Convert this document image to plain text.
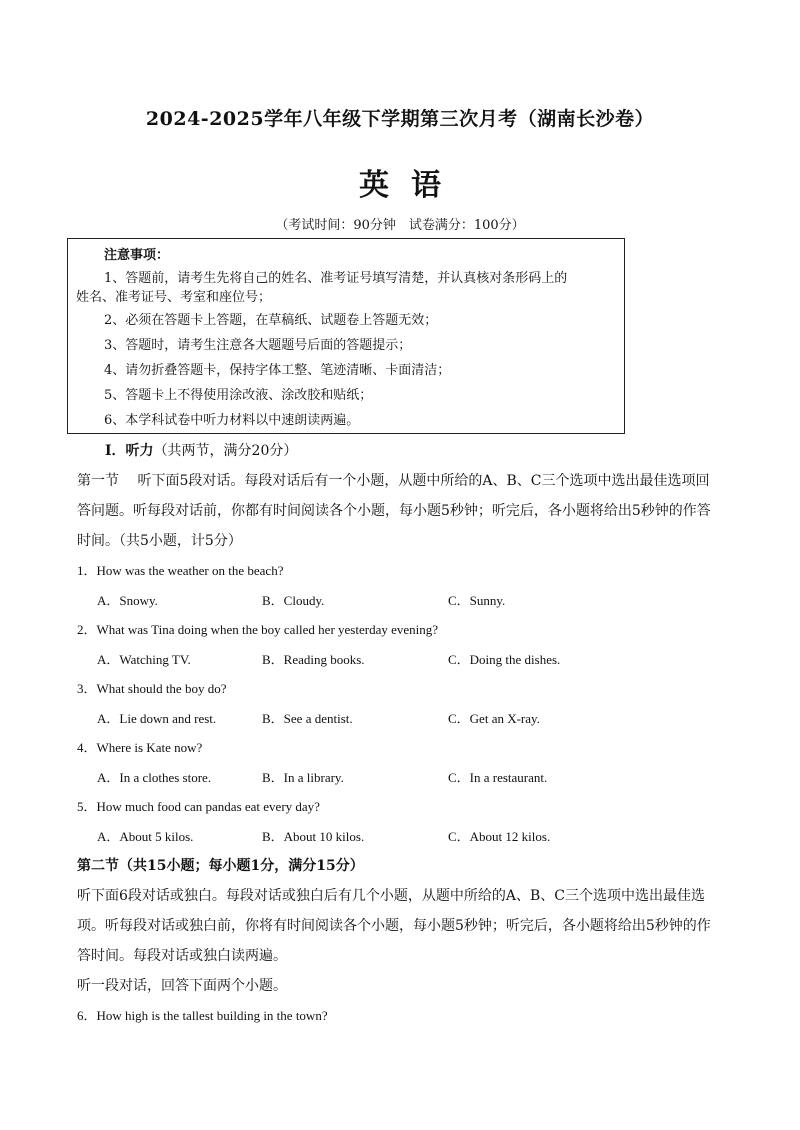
2024-2025学年八年级下学期第三次月考（湖南长沙卷）
英语
（考试时间：90分钟　试卷满分：100分）
注意事项：
1、答题前，请考生先将自己的姓名、准考证号填写清楚，并认真核对条形码上的
姓名、准考证号、考室和座位号；
2、必须在答题卡上答题，在草稿纸、试题卷上答题无效；
3、答题时，请考生注意各大题题号后面的答题提示；
4、请勿折叠答题卡，保持字体工整、笔迹清晰、卡面清洁；
5、答题卡上不得使用涂改液、涂改胶和贴纸；
6、本学科试卷中听力材料以中速朗读两遍。
I．听力（共两节，满分20分）
第一节　 听下面5段对话。每段对话后有一个小题，从题中所给的A、B、C三个选项中选出最佳选项回
答问题。听每段对话前，你都有时间阅读各个小题，每小题5秒钟；听完后，各小题将给出5秒钟的作答
时间。（共5小题，计5分）
1．How was the weather on the beach?
A．Snowy.	B．Cloudy.	C．Sunny.
2．What was Tina doing when the boy called her yesterday evening?
A．Watching TV.	B．Reading books.	C．Doing the dishes.
3．What should the boy do?
A．Lie down and rest.	B．See a dentist.	C．Get an X-ray.
4．Where is Kate now?
A．In a clothes store.	B．In a library.	C．In a restaurant.
5．How much food can pandas eat every day?
A．About 5 kilos.	B．About 10 kilos.	C．About 12 kilos.
第二节（共15小题；每小题1分，满分15分）
听下面6段对话或独白。每段对话或独白后有几个小题，从题中所给的A、B、C三个选项中选出最佳选
项。听每段对话或独白前，你将有时间阅读各个小题，每小题5秒钟；听完后，各小题将给出5秒钟的作
答时间。每段对话或独白读两遍。
听一段对话，回答下面两个小题。
6．How high is the tallest building in the town?
